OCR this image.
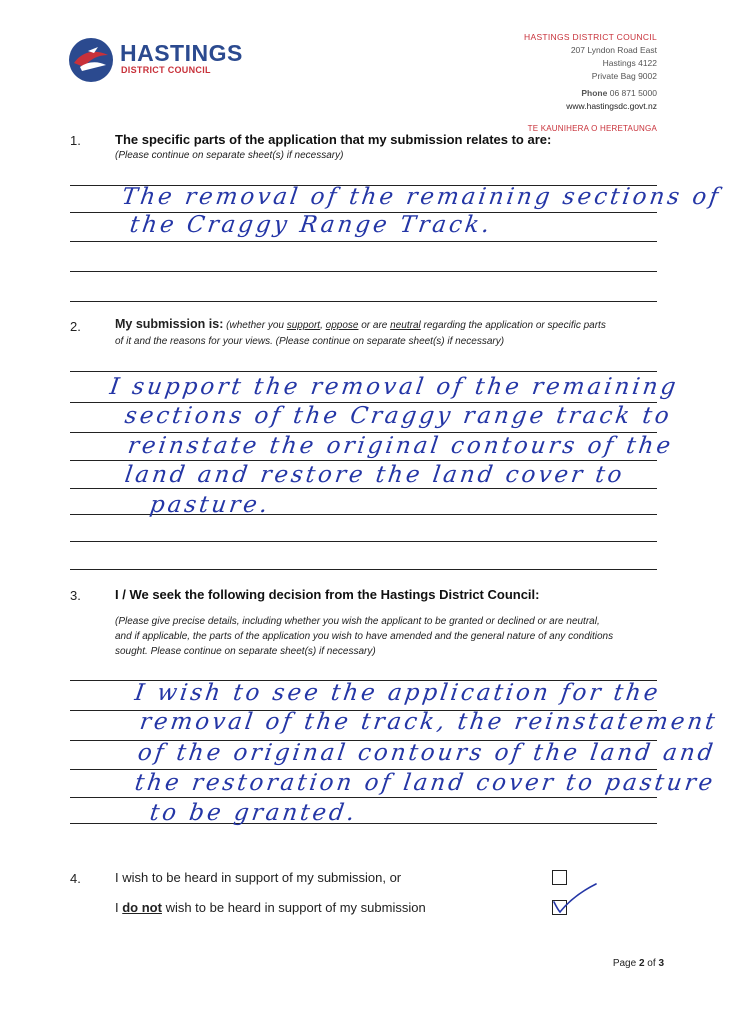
HASTINGS
DISTRICT COUNCIL
HASTINGS DISTRICT COUNCIL
207 Lyndon Road East
Hastings 4122
Private Bag 9002
Phone 06 871 5000
www.hastingsdc.govt.nz
TE KAUNIHERA O HERETAUNGA
1.	The specific parts of the application that my submission relates to are:
(Please continue on separate sheet(s) if necessary)
The removal of the remaining sections of
the Craggy Range Track.
2.	My submission is: (whether you support, oppose or are neutral regarding the application or specific parts
of it and the reasons for your views. (Please continue on separate sheet(s) if necessary)
I support the removal of the remaining
sections of the Craggy range track to
reinstate the original contours of the
land and restore the land cover to
pasture.
3.	I / We seek the following decision from the Hastings District Council:
(Please give precise details, including whether you wish the applicant to be granted or declined or are neutral,
and if applicable, the parts of the application you wish to have amended and the general nature of any conditions
sought. Please continue on separate sheet(s) if necessary)
I wish to see the application for the
removal of the track, the reinstatement
of the original contours of the land and
the restoration of land cover to pasture
to be granted.
4.	I wish to be heard in support of my submission, or
I do not wish to be heard in support of my submission
Page 2 of 3
